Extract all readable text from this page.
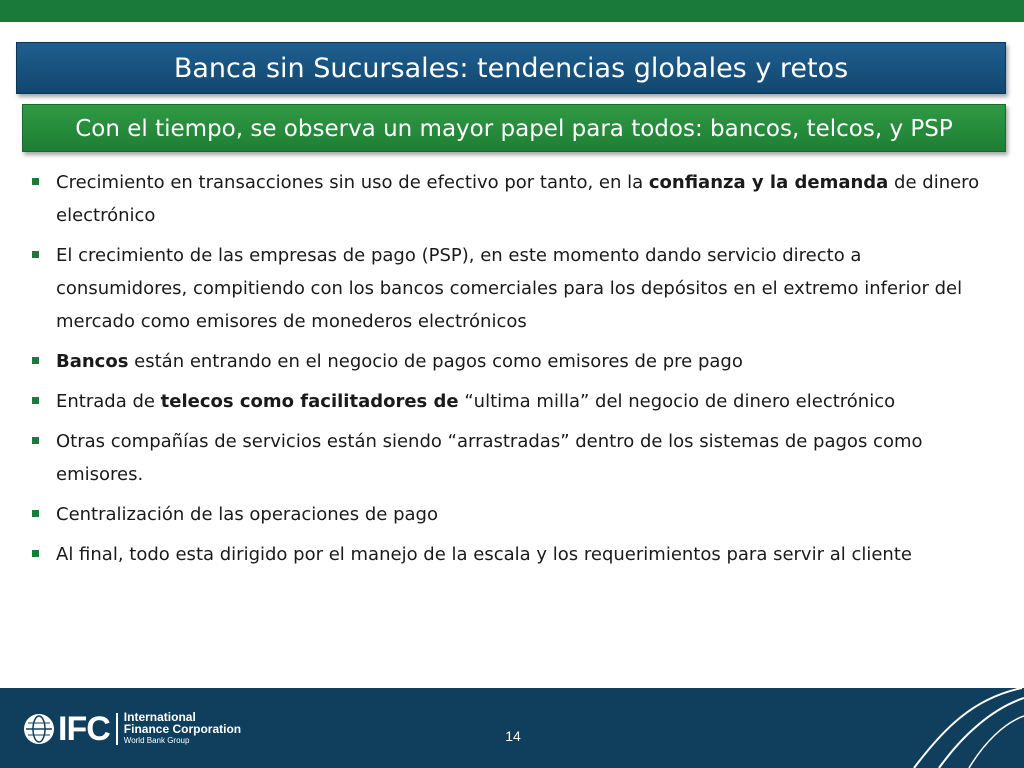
Banca sin Sucursales: tendencias globales y retos
Con el tiempo, se observa un mayor papel para todos: bancos, telcos, y PSP
Crecimiento en transacciones sin uso de efectivo por tanto, en la confianza y la demanda de dinero electrónico
El crecimiento de las empresas de pago (PSP), en este momento dando servicio directo a consumidores, compitiendo con los bancos comerciales para los depósitos en el extremo inferior del mercado como emisores de monederos electrónicos
Bancos están entrando en el negocio de pagos como emisores de pre pago
Entrada de telecos como facilitadores de “ultima milla” del negocio de dinero electrónico
Otras compañías de servicios están siendo “arrastradas” dentro de los sistemas de pagos como emisores.
Centralización de las operaciones de pago
Al final, todo esta dirigido por el manejo de la escala y los requerimientos para servir al cliente
IFC International
Finance Corporation
World Bank Group	14
